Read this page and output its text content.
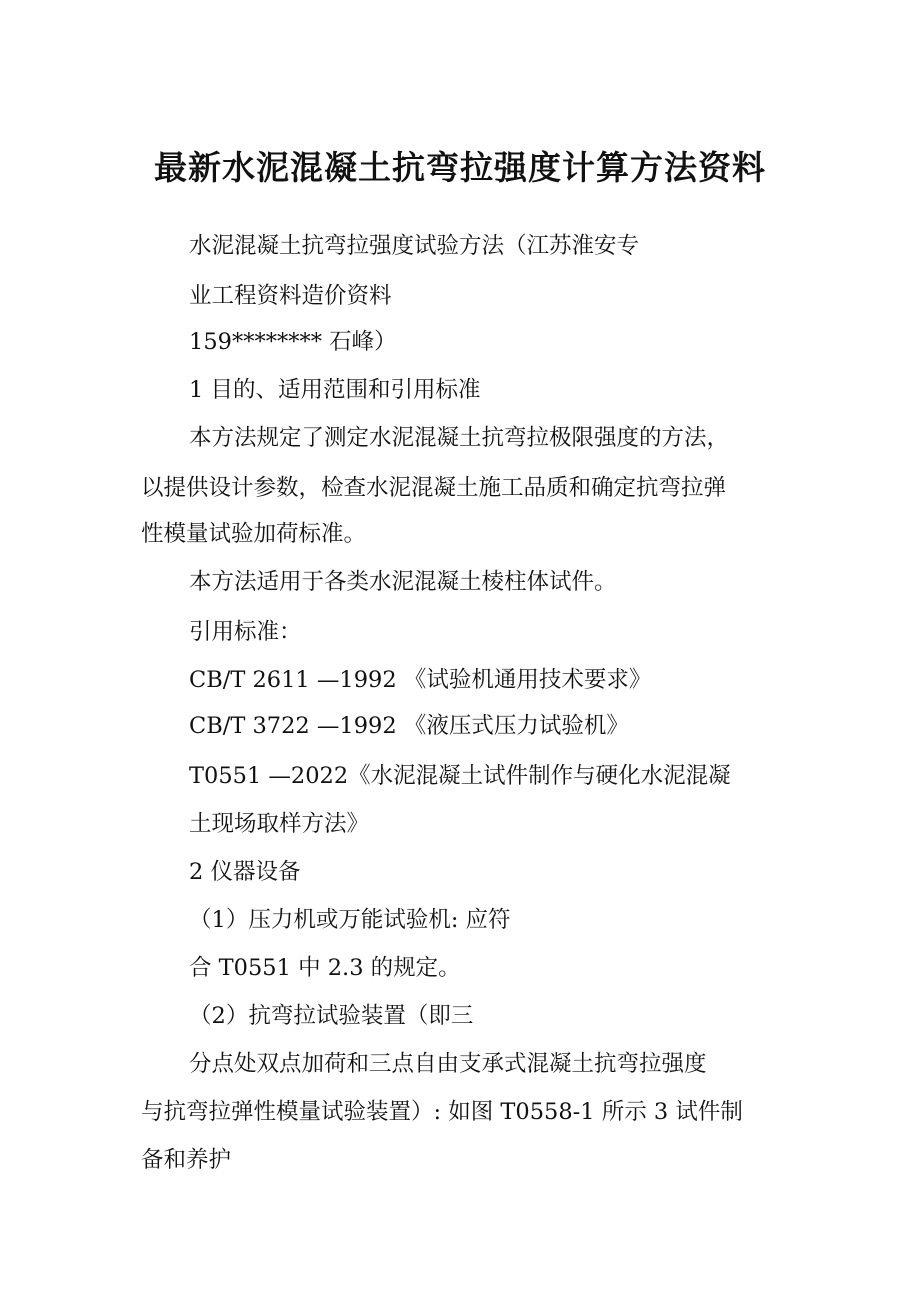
最新水泥混凝土抗弯拉强度计算方法资料
水泥混凝土抗弯拉强度试验方法（江苏淮安专
业工程资料造价资料
159******** 石峰）
1 目的、适用范围和引用标准
本方法规定了测定水泥混凝土抗弯拉极限强度的方法，
以提供设计参数，检查水泥混凝土施工品质和确定抗弯拉弹
性模量试验加荷标准。
本方法适用于各类水泥混凝土棱柱体试件。
引用标准：
CB/T 2611 —1992 《试验机通用技术要求》
CB/T 3722 —1992 《液压式压力试验机》
T0551 —2022《水泥混凝土试件制作与硬化水泥混凝
土现场取样方法》
2 仪器设备
（1）压力机或万能试验机: 应符
合 T0551 中 2.3 的规定。
（2）抗弯拉试验装置（即三
分点处双点加荷和三点自由支承式混凝土抗弯拉强度
与抗弯拉弹性模量试验装置）: 如图 T0558-1 所示 3 试件制
备和养护
